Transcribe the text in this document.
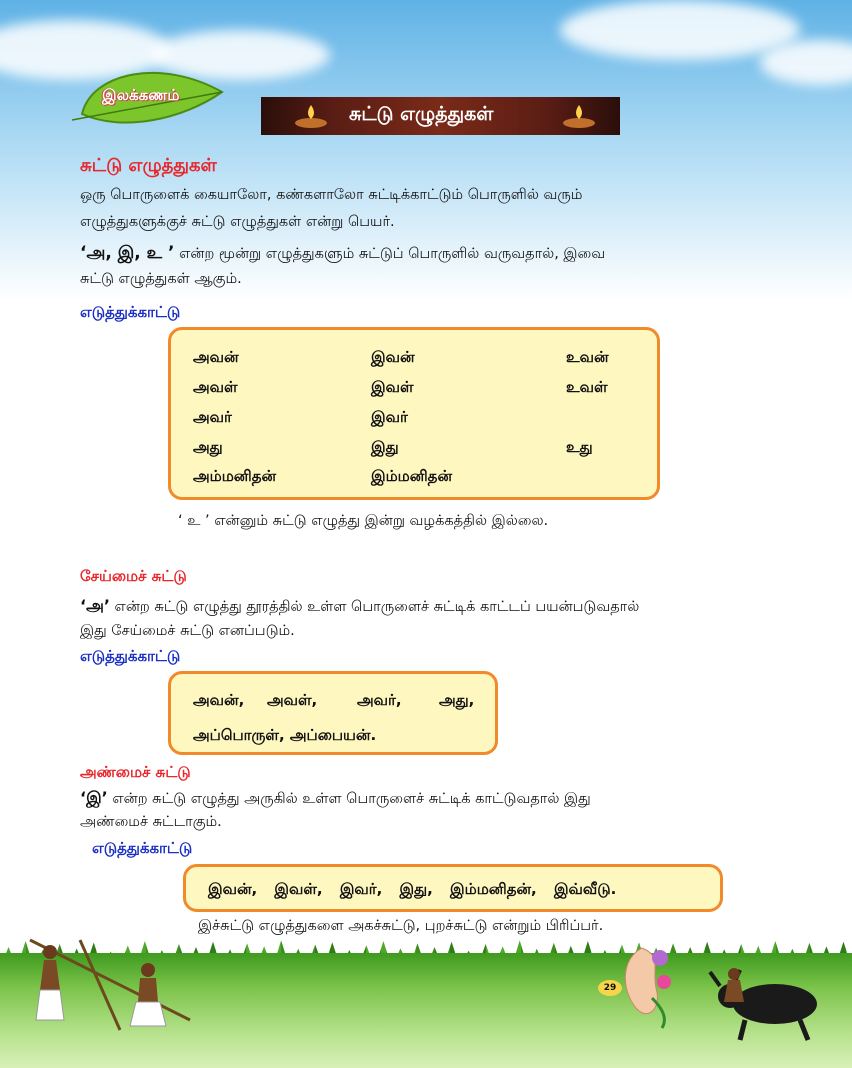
இலக்கணம்
சுட்டு எழுத்துகள்
சுட்டு எழுத்துகள்
ஒரு பொருளைக் கையாலோ, கண்களாலோ சுட்டிக்காட்டும் பொருளில் வரும்
எழுத்துகளுக்குச் சுட்டு எழுத்துகள் என்று பெயர்.
‘அ, இ, உ ’ என்ற மூன்று எழுத்துகளும் சுட்டுப் பொருளில் வருவதால், இவை
சுட்டு எழுத்துகள் ஆகும்.
எடுத்துக்காட்டு
அவன்	இவன்	உவன்
அவள்	இவள்	உவள்
அவர்	இவர்
அது	இது	உது
அம்மனிதன்	இம்மனிதன்
‘ உ ’ என்னும் சுட்டு எழுத்து இன்று வழக்கத்தில் இல்லை.
சேய்மைச் சுட்டு
‘அ’ என்ற சுட்டு எழுத்து தூரத்தில் உள்ள பொருளைச் சுட்டிக் காட்டப் பயன்படுவதால்
இது சேய்மைச் சுட்டு எனப்படும்.
எடுத்துக்காட்டு
அவன், அவள்,	அவர், அது,
அப்பொருள், அப்பையன்.
அண்மைச் சுட்டு
‘இ’ என்ற சுட்டு எழுத்து அருகில் உள்ள பொருளைச் சுட்டிக் காட்டுவதால் இது
அண்மைச் சுட்டாகும்.
எடுத்துக்காட்டு
இவன், இவள், இவர், இது, இம்மனிதன், இவ்வீடு.
இச்சுட்டு எழுத்துகளை அகச்சுட்டு, புறச்சுட்டு என்றும் பிரிப்பர்.
29
